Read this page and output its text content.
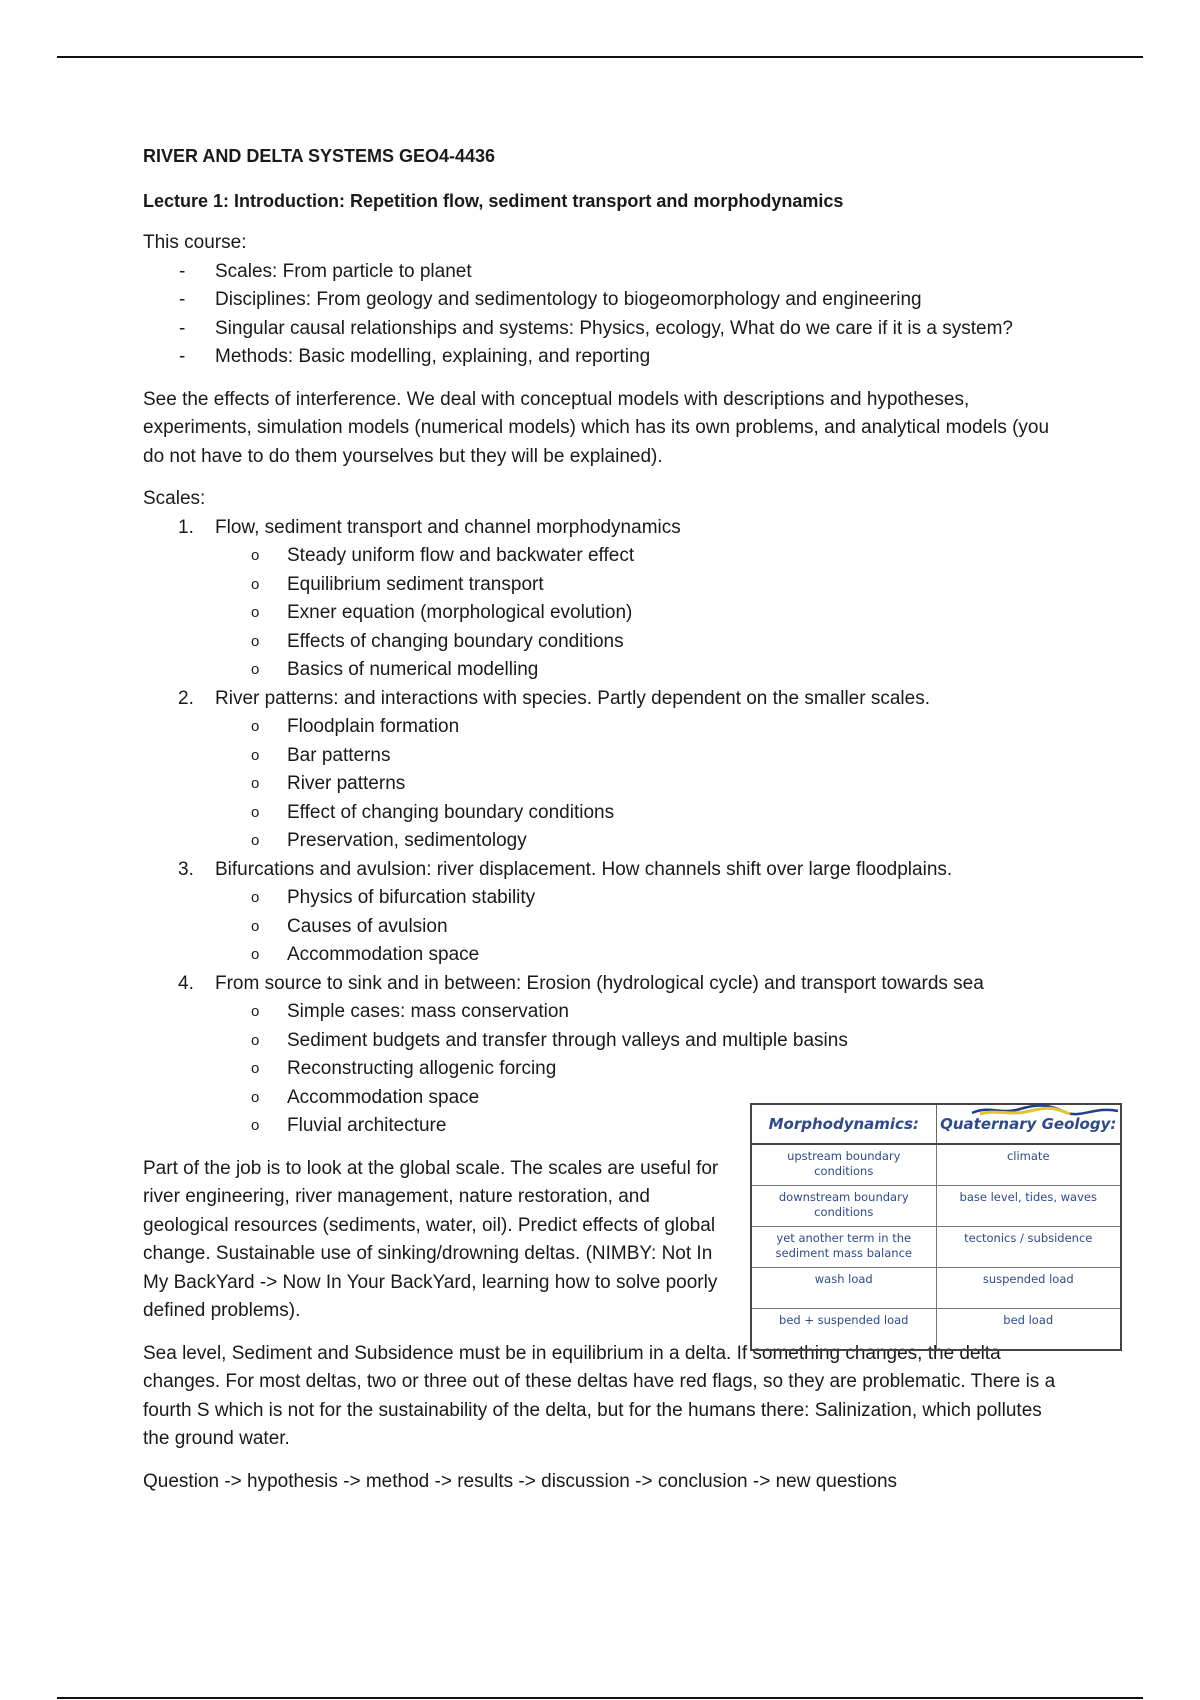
RIVER AND DELTA SYSTEMS GEO4-4436

Lecture 1: Introduction: Repetition flow, sediment transport and morphodynamics

This course:

- Scales: From particle to planet
- Disciplines: From geology and sedimentology to biogeomorphology and engineering
- Singular causal relationships and systems: Physics, ecology, What do we care if it is a system?
- Methods: Basic modelling, explaining, and reporting

See the effects of interference. We deal with conceptual models with descriptions and hypotheses, experiments, simulation models (numerical models) which has its own problems, and analytical models (you do not have to do them yourselves but they will be explained).

Scales:

1. Flow, sediment transport and channel morphodynamics
o Steady uniform flow and backwater effect
o Equilibrium sediment transport
o Exner equation (morphological evolution)
o Effects of changing boundary conditions
o Basics of numerical modelling
2. River patterns: and interactions with species. Partly dependent on the smaller scales.
o Floodplain formation
o Bar patterns
o River patterns
o Effect of changing boundary conditions
o Preservation, sedimentology
3. Bifurcations and avulsion: river displacement. How channels shift over large floodplains.
o Physics of bifurcation stability
o Causes of avulsion
o Accommodation space
4. From source to sink and in between: Erosion (hydrological cycle) and transport towards sea
o Simple cases: mass conservation
o Sediment budgets and transfer through valleys and multiple basins
o Reconstructing allogenic forcing
o Accommodation space
o Fluvial architecture

Part of the job is to look at the global scale. The scales are useful for river engineering, river management, nature restoration, and geological resources (sediments, water, oil). Predict effects of global change. Sustainable use of sinking/drowning deltas. (NIMBY: Not In My BackYard -> Now In Your BackYard, learning how to solve poorly defined problems).

Sea level, Sediment and Subsidence must be in equilibrium in a delta. If something changes, the delta changes. For most deltas, two or three out of these deltas have red flags, so they are problematic. There is a fourth S which is not for the sustainability of the delta, but for the humans there: Salinization, which pollutes the ground water.

Question -> hypothesis -> method -> results -> discussion -> conclusion -> new questions

Morphodynamics:	Quaternary Geology:
upstream boundary conditions	climate
downstream boundary conditions	base level, tides, waves
yet another term in the sediment mass balance	tectonics / subsidence
wash load	suspended load
bed + suspended load	bed load
